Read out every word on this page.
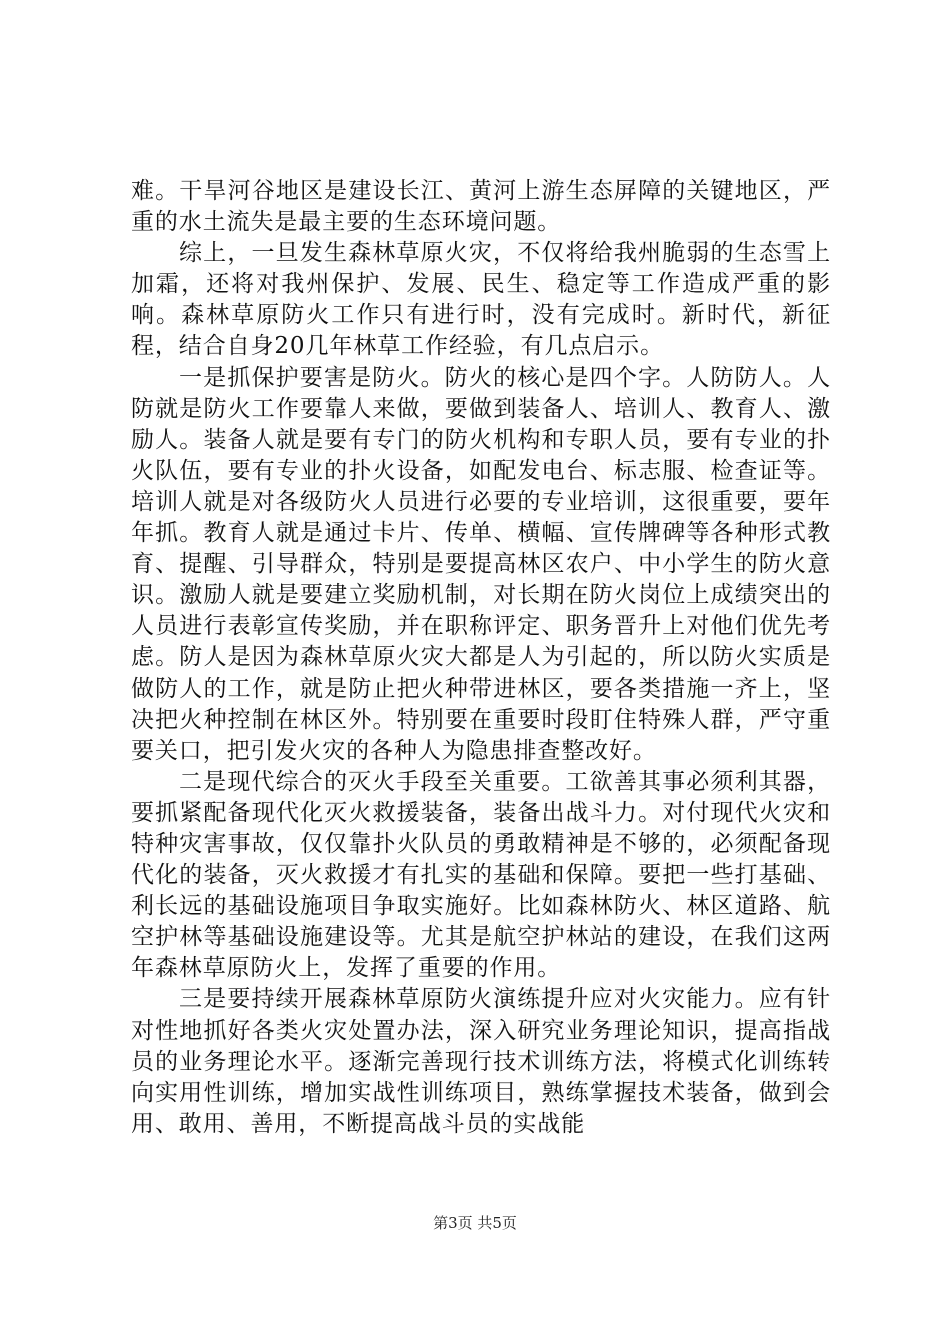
难。干旱河谷地区是建设长江、黄河上游生态屏障的关键地区，严重的水土流失是最主要的生态环境问题。

综上，一旦发生森林草原火灾，不仅将给我州脆弱的生态雪上加霜，还将对我州保护、发展、民生、稳定等工作造成严重的影响。森林草原防火工作只有进行时，没有完成时。新时代，新征程，结合自身20几年林草工作经验，有几点启示。

一是抓保护要害是防火。防火的核心是四个字。人防防人。人防就是防火工作要靠人来做，要做到装备人、培训人、教育人、激励人。装备人就是要有专门的防火机构和专职人员，要有专业的扑火队伍，要有专业的扑火设备，如配发电台、标志服、检查证等。培训人就是对各级防火人员进行必要的专业培训，这很重要，要年年抓。教育人就是通过卡片、传单、横幅、宣传牌碑等各种形式教育、提醒、引导群众，特别是要提高林区农户、中小学生的防火意识。激励人就是要建立奖励机制，对长期在防火岗位上成绩突出的人员进行表彰宣传奖励，并在职称评定、职务晋升上对他们优先考虑。防人是因为森林草原火灾大都是人为引起的，所以防火实质是做防人的工作，就是防止把火种带进林区，要各类措施一齐上，坚决把火种控制在林区外。特别要在重要时段盯住特殊人群，严守重要关口，把引发火灾的各种人为隐患排查整改好。

二是现代综合的灭火手段至关重要。工欲善其事必须利其器，要抓紧配备现代化灭火救援装备，装备出战斗力。对付现代火灾和特种灾害事故，仅仅靠扑火队员的勇敢精神是不够的，必须配备现代化的装备，灭火救援才有扎实的基础和保障。要把一些打基础、利长远的基础设施项目争取实施好。比如森林防火、林区道路、航空护林等基础设施建设等。尤其是航空护林站的建设，在我们这两年森林草原防火上，发挥了重要的作用。

三是要持续开展森林草原防火演练提升应对火灾能力。应有针对性地抓好各类火灾处置办法，深入研究业务理论知识，提高指战员的业务理论水平。逐渐完善现行技术训练方法，将模式化训练转向实用性训练，增加实战性训练项目，熟练掌握技术装备，做到会用、敢用、善用，不断提高战斗员的实战能

第3页 共5页
